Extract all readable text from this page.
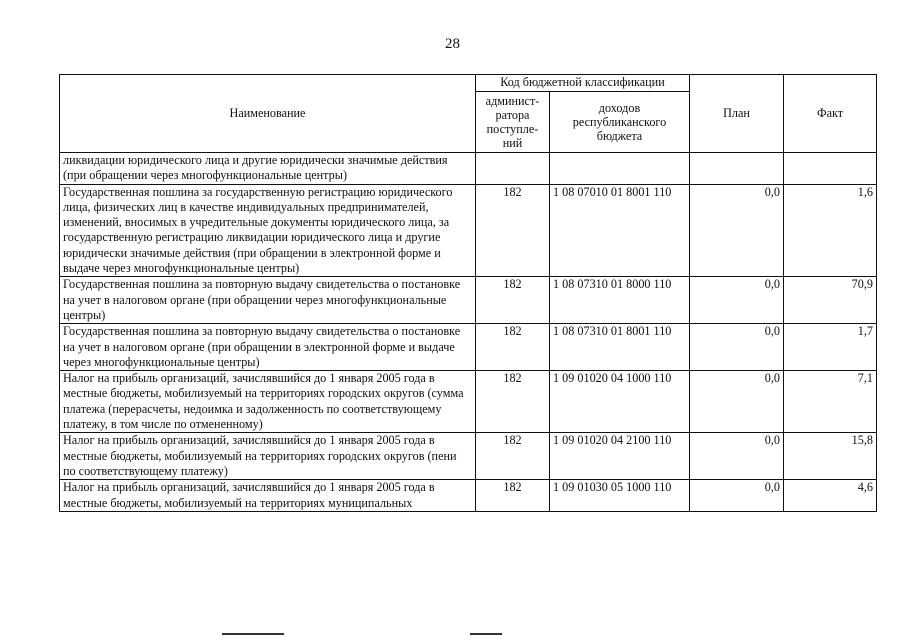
28
Наименование	Код бюджетной классификации		План	Факт
	админист-ратора поступле-ний	доходов республиканского бюджета		
ликвидации юридического лица и другие юридически значимые действия (при обращении через многофункциональные центры)				
Государственная пошлина за государственную регистрацию юридического лица, физических лиц в качестве индивидуальных предпринимателей, изменений, вносимых в учредительные документы юридического лица, за государственную регистрацию ликвидации юридического лица и другие юридически значимые действия (при обращении в электронной форме и выдаче через многофункциональные центры)	182	1 08 07010 01 8001 110	0,0	1,6
Государственная пошлина за повторную выдачу свидетельства о постановке на учет в налоговом органе (при обращении через многофункциональные центры)	182	1 08 07310 01 8000 110	0,0	70,9
Государственная пошлина за повторную выдачу свидетельства о постановке на учет в налоговом органе (при обращении в электронной форме и выдаче через многофункциональные центры)	182	1 08 07310 01 8001 110	0,0	1,7
Налог на прибыль организаций, зачислявшийся до 1 января 2005 года в местные бюджеты, мобилизуемый на территориях городских округов (сумма платежа (перерасчеты, недоимка и задолженность по соответствующему платежу, в том числе по отмененному)	182	1 09 01020 04 1000 110	0,0	7,1
Налог на прибыль организаций, зачислявшийся до 1 января 2005 года в местные бюджеты, мобилизуемый на территориях городских округов (пени по соответствующему платежу)	182	1 09 01020 04 2100 110	0,0	15,8
Налог на прибыль организаций, зачислявшийся до 1 января 2005 года в местные бюджеты, мобилизуемый на территориях муниципальных	182	1 09 01030 05 1000 110	0,0	4,6
